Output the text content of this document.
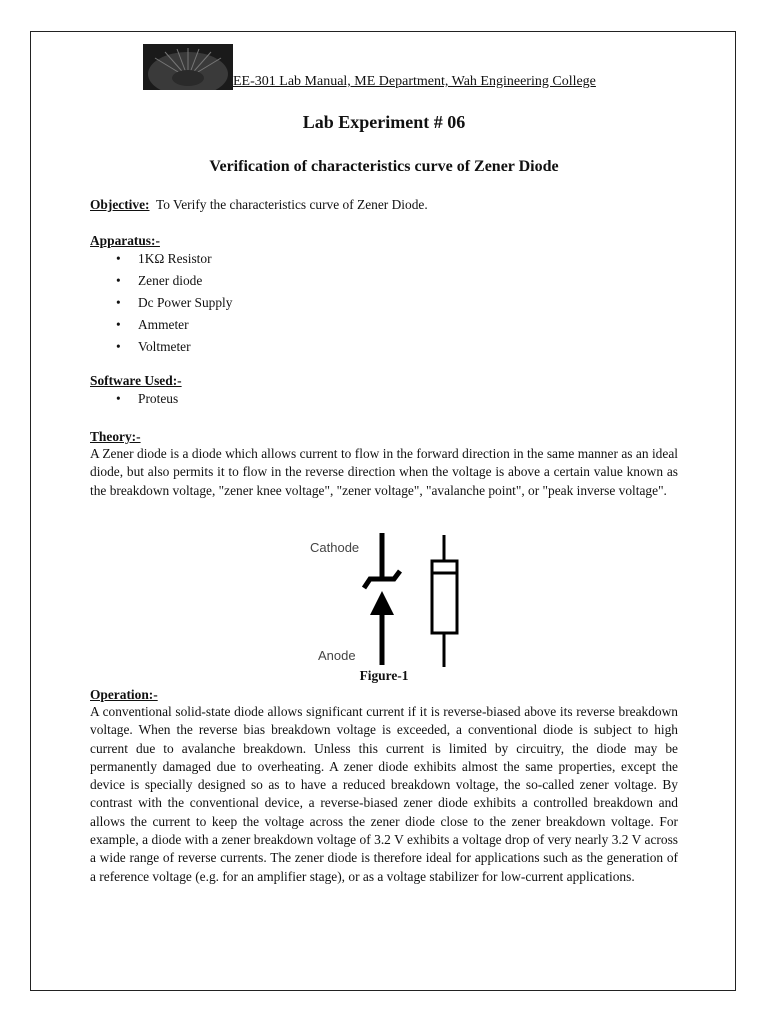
EE-301 Lab Manual, ME Department, Wah Engineering College
Lab Experiment # 06
Verification of characteristics curve of Zener Diode
Objective: To Verify the characteristics curve of Zener Diode.
Apparatus:-
• 1KΩ Resistor
• Zener diode
• Dc Power Supply
• Ammeter
• Voltmeter
Software Used:-
• Proteus
Theory:-
A Zener diode is a diode which allows current to flow in the forward direction in the same manner as an ideal diode, but also permits it to flow in the reverse direction when the voltage is above a certain value known as the breakdown voltage, "zener knee voltage", "zener voltage", "avalanche point", or "peak inverse voltage".
Cathode
Anode
Figure-1
Operation:-
A conventional solid-state diode allows significant current if it is reverse-biased above its reverse breakdown voltage. When the reverse bias breakdown voltage is exceeded, a conventional diode is subject to high current due to avalanche breakdown. Unless this current is limited by circuitry, the diode may be permanently damaged due to overheating. A zener diode exhibits almost the same properties, except the device is specially designed so as to have a reduced breakdown voltage, the so-called zener voltage. By contrast with the conventional device, a reverse-biased zener diode exhibits a controlled breakdown and allows the current to keep the voltage across the zener diode close to the zener breakdown voltage. For example, a diode with a zener breakdown voltage of 3.2 V exhibits a voltage drop of very nearly 3.2 V across a wide range of reverse currents. The zener diode is therefore ideal for applications such as the generation of a reference voltage (e.g. for an amplifier stage), or as a voltage stabilizer for low-current applications.
